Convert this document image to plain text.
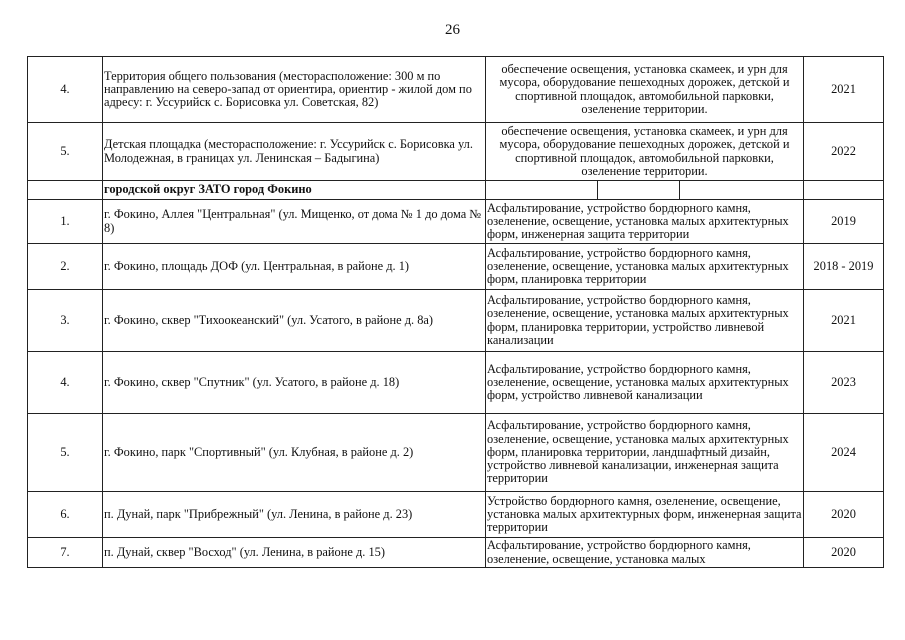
26
4.	Территория общего пользования (месторасположение: 300 м по направлению на северо-запад от ориентира, ориентир - жилой дом по адресу: г. Уссурийск с. Борисовка ул. Советская, 82)	обеспечение освещения, установка скамеек, и урн для мусора, оборудование пешеходных дорожек, детской и спортивной площадок, автомобильной парковки, озеленение территории.	2021
5.	Детская площадка (месторасположение: г. Уссурийск с. Борисовка ул. Молодежная, в границах ул. Ленинская – Бадыгина)	обеспечение освещения, установка скамеек, и урн для мусора, оборудование пешеходных дорожек, детской и спортивной площадок, автомобильной парковки, озеленение территории.	2022
	городской округ ЗАТО город Фокино	

1.	г. Фокино, Аллея "Центральная" (ул. Мищенко, от дома № 1 до дома № 8)	Асфальтирование, устройство бордюрного камня, озеленение, освещение, установка малых архитектурных форм, инженерная защита территории	2019
2.	г. Фокино, площадь ДОФ (ул. Центральная, в районе д. 1)	Асфальтирование, устройство бордюрного камня, озеленение, освещение, установка малых архитектурных форм, планировка территории	2018 - 2019
3.	г. Фокино, сквер "Тихоокеанский" (ул. Усатого, в районе д. 8а)	Асфальтирование, устройство бордюрного камня, озеленение, освещение, установка малых архитектурных форм, планировка территории, устройство ливневой канализации	2021
4.	г. Фокино, сквер "Спутник" (ул. Усатого, в районе д. 18)	Асфальтирование, устройство бордюрного камня, озеленение, освещение, установка малых архитектурных форм, устройство ливневой канализации	2023
5.	г. Фокино, парк "Спортивный" (ул. Клубная, в районе д. 2)	Асфальтирование, устройство бордюрного камня, озеленение, освещение, установка малых архитектурных форм, планировка территории, ландшафтный дизайн, устройство ливневой канализации, инженерная защита территории	2024
6.	п. Дунай, парк "Прибрежный" (ул. Ленина, в районе д. 23)	Устройство бордюрного камня, озеленение, освещение, установка малых архитектурных форм, инженерная защита территории	2020
7.	п. Дунай, сквер "Восход" (ул. Ленина, в районе д. 15)	Асфальтирование, устройство бордюрного камня, озеленение, освещение, установка малых	2020
